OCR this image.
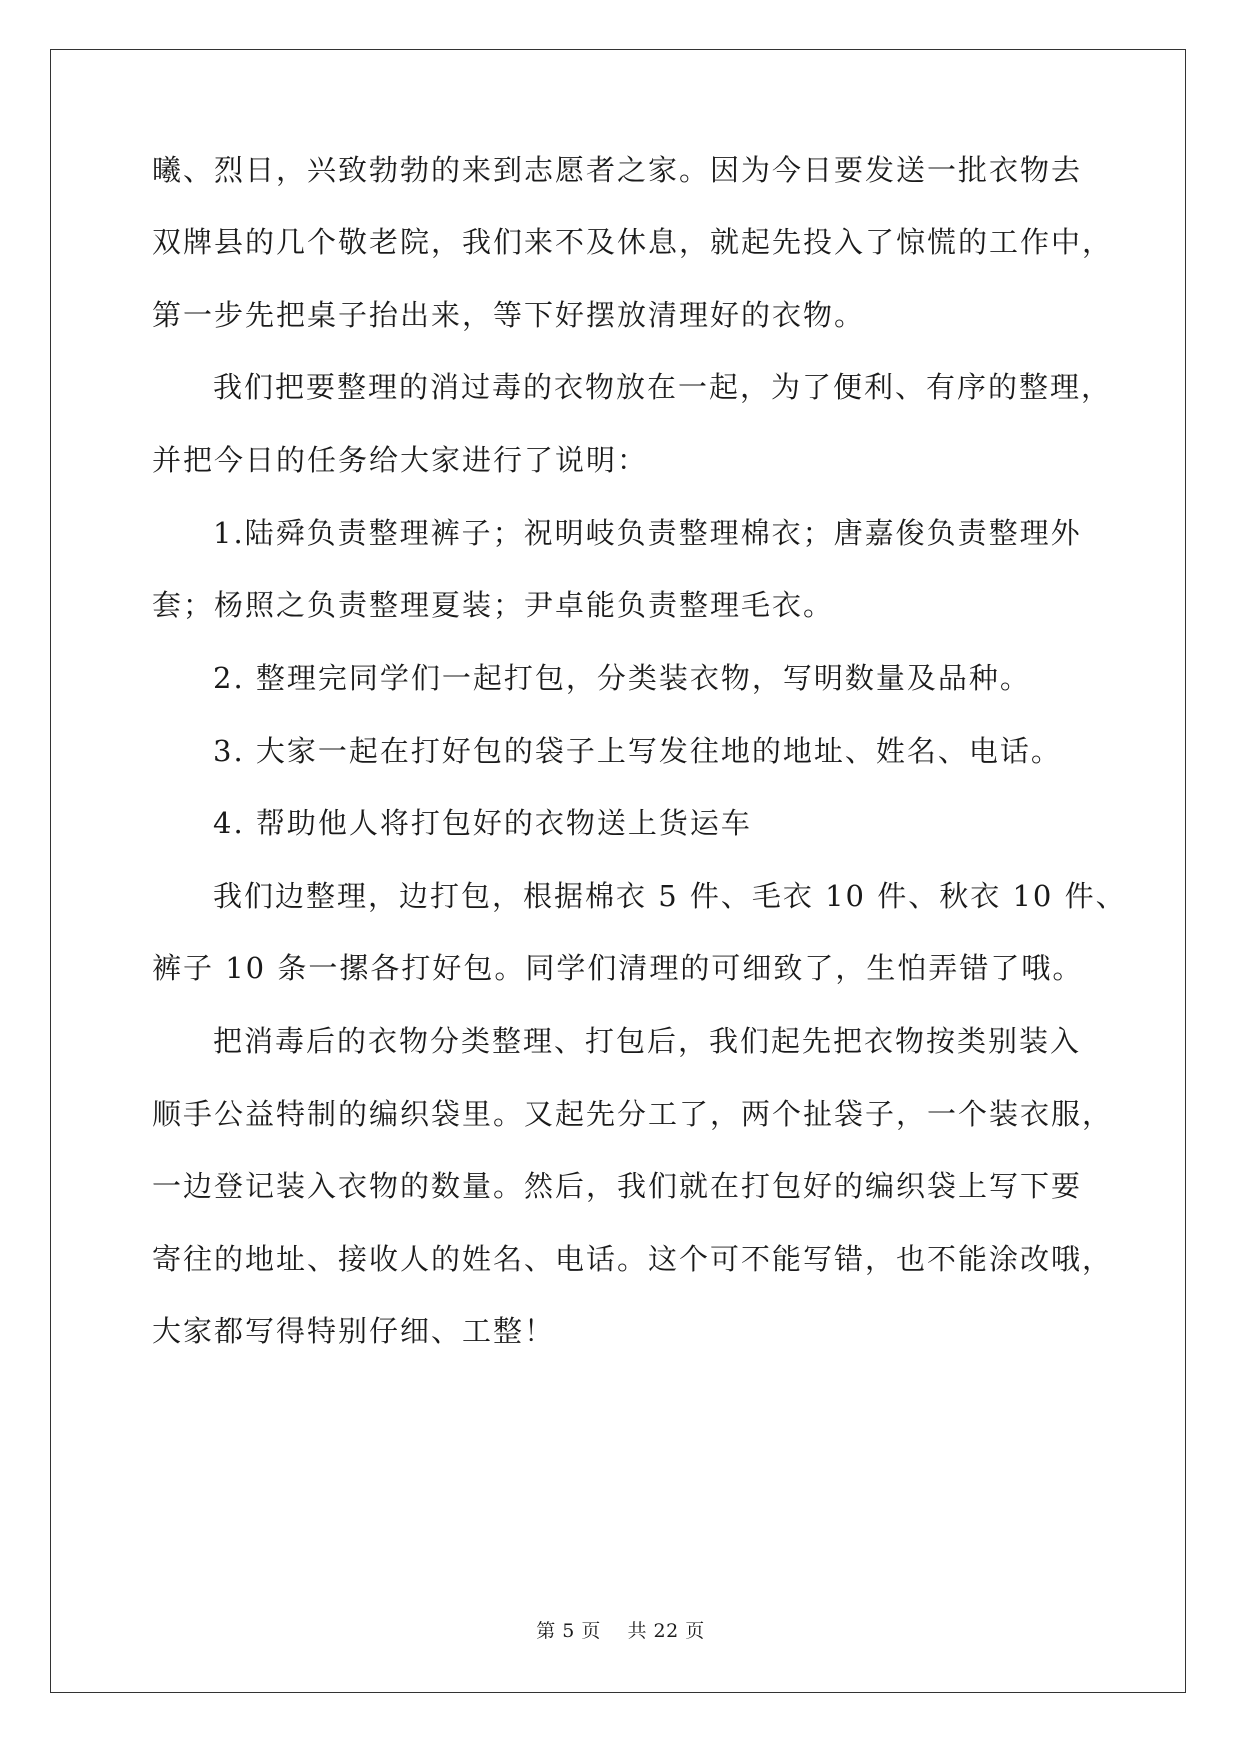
曦、烈日，兴致勃勃的来到志愿者之家。因为今日要发送一批衣物去

双牌县的几个敬老院，我们来不及休息，就起先投入了惊慌的工作中，

第一步先把桌子抬出来，等下好摆放清理好的衣物。

我们把要整理的消过毒的衣物放在一起，为了便利、有序的整理，

并把今日的任务给大家进行了说明：

1.陆舜负责整理裤子；祝明岐负责整理棉衣；唐嘉俊负责整理外

套；杨照之负责整理夏装；尹卓能负责整理毛衣。

2. 整理完同学们一起打包，分类装衣物，写明数量及品种。

3. 大家一起在打好包的袋子上写发往地的地址、姓名、电话。

4. 帮助他人将打包好的衣物送上货运车

我们边整理，边打包，根据棉衣 5 件、毛衣 10 件、秋衣 10 件、

裤子 10 条一摞各打好包。同学们清理的可细致了，生怕弄错了哦。

把消毒后的衣物分类整理、打包后，我们起先把衣物按类别装入

顺手公益特制的编织袋里。又起先分工了，两个扯袋子，一个装衣服，

一边登记装入衣物的数量。然后，我们就在打包好的编织袋上写下要

寄往的地址、接收人的姓名、电话。这个可不能写错，也不能涂改哦，

大家都写得特别仔细、工整！

第 5 页 共 22 页
